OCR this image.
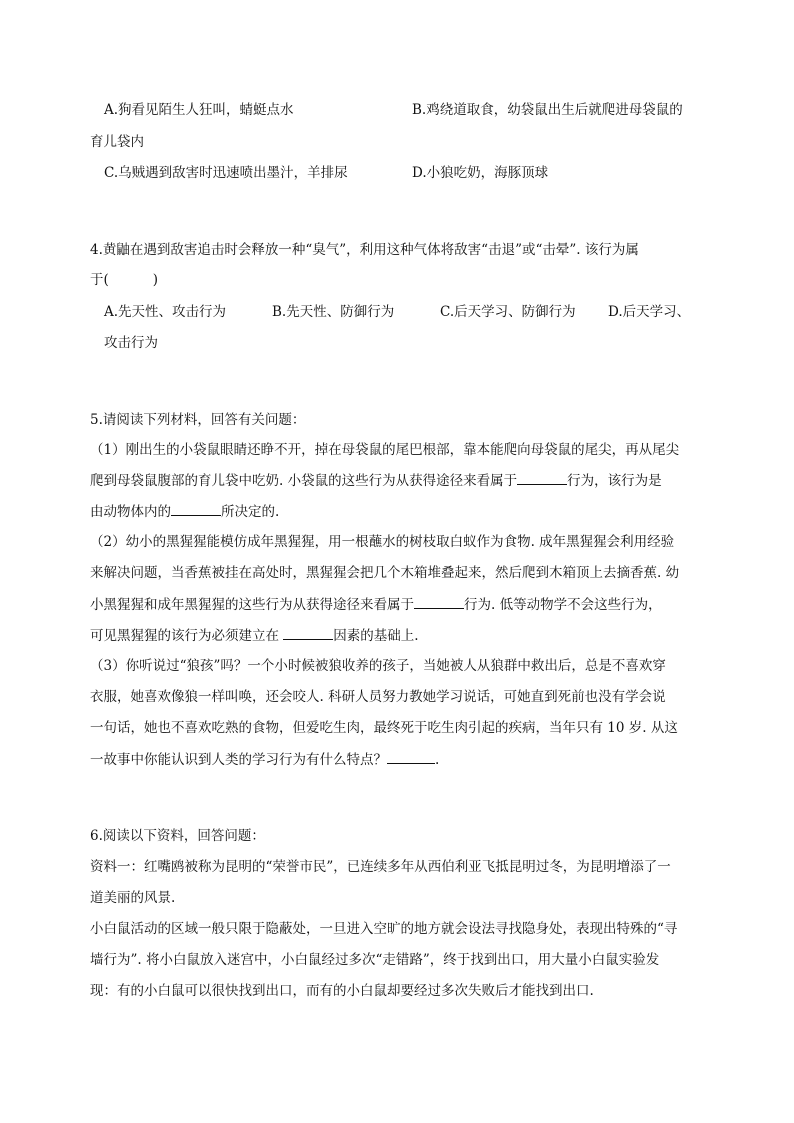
A.狗看见陌生人狂叫，蜻蜓点水	B.鸡绕道取食，幼袋鼠出生后就爬进母袋鼠的
育儿袋内
C.乌贼遇到敌害时迅速喷出墨汁，羊排尿	D.小狼吃奶，海豚顶球
4.黄鼬在遇到敌害追击时会释放一种“臭气”，利用这种气体将敌害“击退”或“击晕”. 该行为属
于(	)
A.先天性、攻击行为	B.先天性、防御行为	C.后天学习、防御行为 D.后天学习、
攻击行为
5.请阅读下列材料，回答有关问题：
（1）刚出生的小袋鼠眼睛还睁不开，掉在母袋鼠的尾巴根部，靠本能爬向母袋鼠的尾尖，再从尾尖
爬到母袋鼠腹部的育儿袋中吃奶. 小袋鼠的这些行为从获得途径来看属于	行为，该行为是
由动物体内的	所决定的.
（2）幼小的黑猩猩能模仿成年黑猩猩，用一根蘸水的树枝取白蚁作为食物. 成年黑猩猩会利用经验
来解决问题，当香蕉被挂在高处时，黑猩猩会把几个木箱堆叠起来，然后爬到木箱顶上去摘香蕉. 幼
小黑猩猩和成年黑猩猩的这些行为从获得途径来看属于	行为. 低等动物学不会这些行为，
可见黑猩猩的该行为必须建立在	因素的基础上.
（3）你听说过“狼孩”吗？一个小时候被狼收养的孩子，当她被人从狼群中救出后，总是不喜欢穿
衣服，她喜欢像狼一样叫唤，还会咬人. 科研人员努力教她学习说话，可她直到死前也没有学会说
一句话，她也不喜欢吃熟的食物，但爱吃生肉，最终死于吃生肉引起的疾病，当年只有 10 岁. 从这
一故事中你能认识到人类的学习行为有什么特点？	.
6.阅读以下资料，回答问题：
资料一：红嘴鸥被称为昆明的“荣誉市民”，已连续多年从西伯利亚飞抵昆明过冬，为昆明增添了一
道美丽的风景.
小白鼠活动的区域一般只限于隐蔽处，一旦进入空旷的地方就会设法寻找隐身处，表现出特殊的“寻
墙行为”. 将小白鼠放入迷宫中，小白鼠经过多次“走错路”，终于找到出口，用大量小白鼠实验发
现：有的小白鼠可以很快找到出口，而有的小白鼠却要经过多次失败后才能找到出口.
